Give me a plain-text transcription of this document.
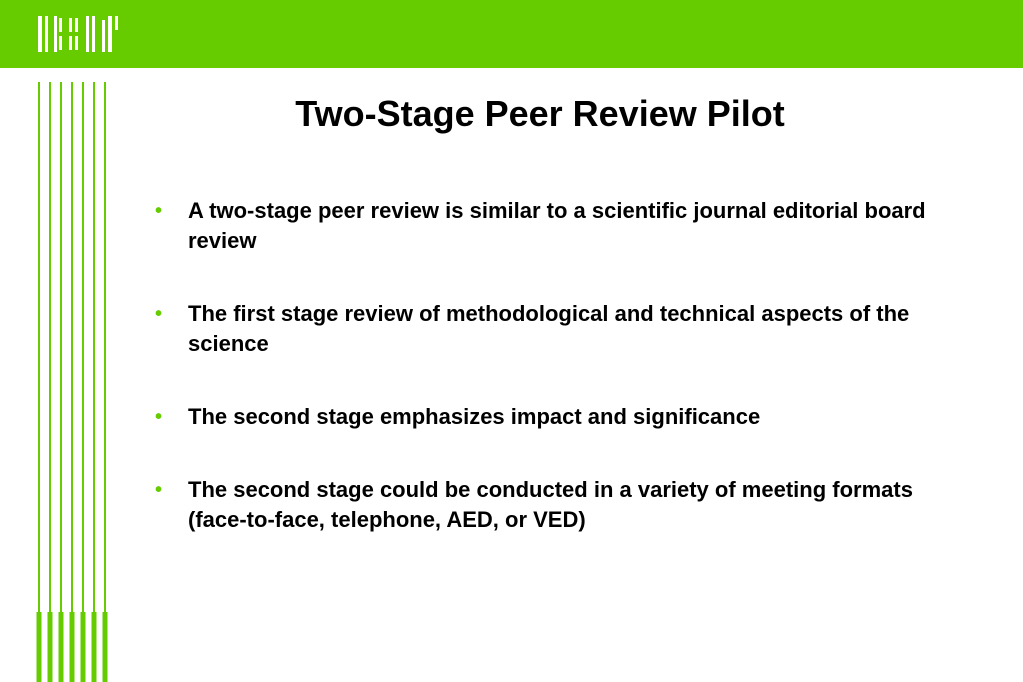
Two-Stage Peer Review Pilot
• A two-stage peer review is similar to a scientific journal editorial board review
• The first stage review of methodological and technical aspects of the science
• The second stage emphasizes impact and significance
• The second stage could be conducted in a variety of meeting formats (face-to-face, telephone, AED, or VED)
